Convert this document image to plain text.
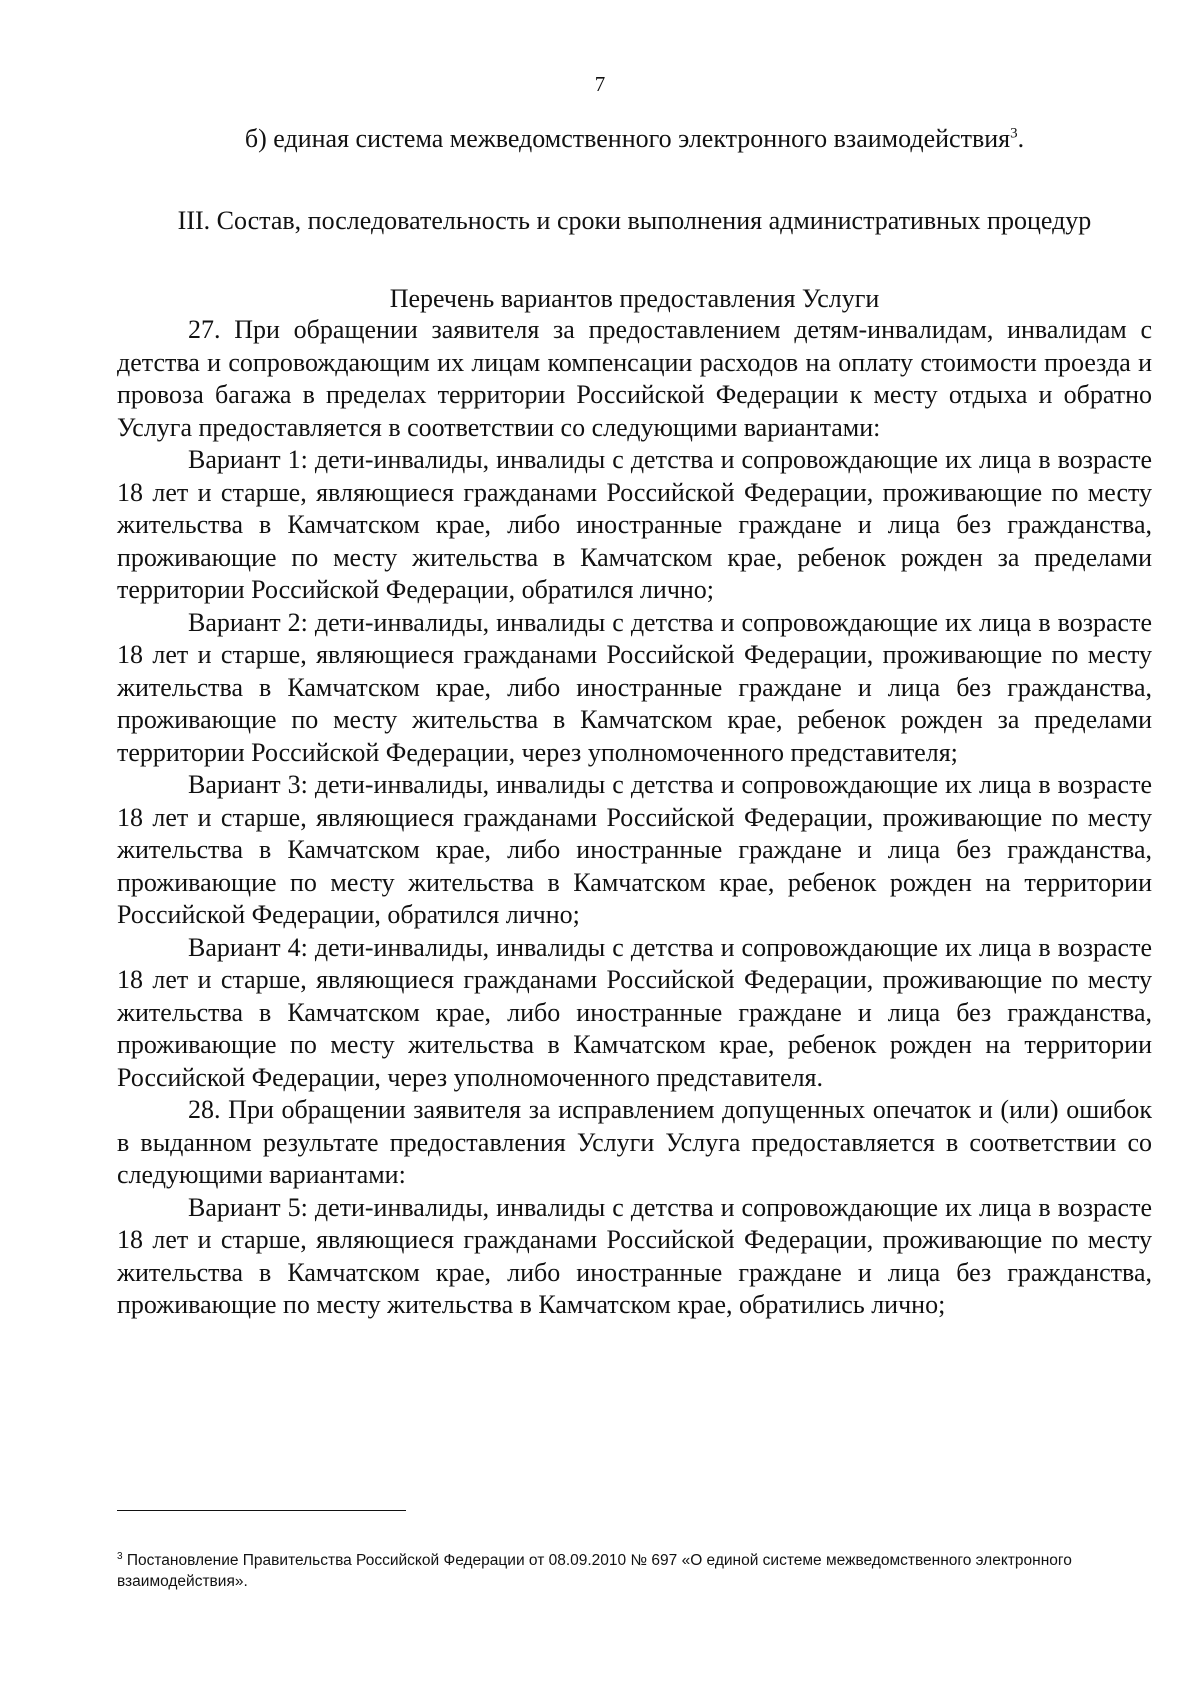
7
б) единая система межведомственного электронного взаимодействия$^3$.
III. Состав, последовательность и сроки выполнения административных процедур
Перечень вариантов предоставления Услуги

27. При обращении заявителя за предоставлением детям-инвалидам, инвалидам с детства и сопровождающим их лицам компенсации расходов на оплату стоимости проезда и провоза багажа в пределах территории Российской Федерации к месту отдыха и обратно Услуга предоставляется в соответствии со следующими вариантами:

Вариант 1: дети-инвалиды, инвалиды с детства и сопровождающие их лица в возрасте 18 лет и старше, являющиеся гражданами Российской Федерации, проживающие по месту жительства в Камчатском крае, либо иностранные граждане и лица без гражданства, проживающие по месту жительства в Камчатском крае, ребенок рожден за пределами территории Российской Федерации, обратился лично;

Вариант 2: дети-инвалиды, инвалиды с детства и сопровождающие их лица в возрасте 18 лет и старше, являющиеся гражданами Российской Федерации, проживающие по месту жительства в Камчатском крае, либо иностранные граждане и лица без гражданства, проживающие по месту жительства в Камчатском крае, ребенок рожден за пределами территории Российской Федерации, через уполномоченного представителя;

Вариант 3: дети-инвалиды, инвалиды с детства и сопровождающие их лица в возрасте 18 лет и старше, являющиеся гражданами Российской Федерации, проживающие по месту жительства в Камчатском крае, либо иностранные граждане и лица без гражданства, проживающие по месту жительства в Камчатском крае, ребенок рожден на территории Российской Федерации, обратился лично;

Вариант 4: дети-инвалиды, инвалиды с детства и сопровождающие их лица в возрасте 18 лет и старше, являющиеся гражданами Российской Федерации, проживающие по месту жительства в Камчатском крае, либо иностранные граждане и лица без гражданства, проживающие по месту жительства в Камчатском крае, ребенок рожден на территории Российской Федерации, через уполномоченного представителя.

28. При обращении заявителя за исправлением допущенных опечаток и (или) ошибок в выданном результате предоставления Услуги Услуга предоставляется в соответствии со следующими вариантами:

Вариант 5: дети-инвалиды, инвалиды с детства и сопровождающие их лица в возрасте 18 лет и старше, являющиеся гражданами Российской Федерации, проживающие по месту жительства в Камчатском крае, либо иностранные граждане и лица без гражданства, проживающие по месту жительства в Камчатском крае, обратились лично;

$^3$ Постановление Правительства Российской Федерации от 08.09.2010 № 697 «О единой системе межведомственного электронного взаимодействия».
